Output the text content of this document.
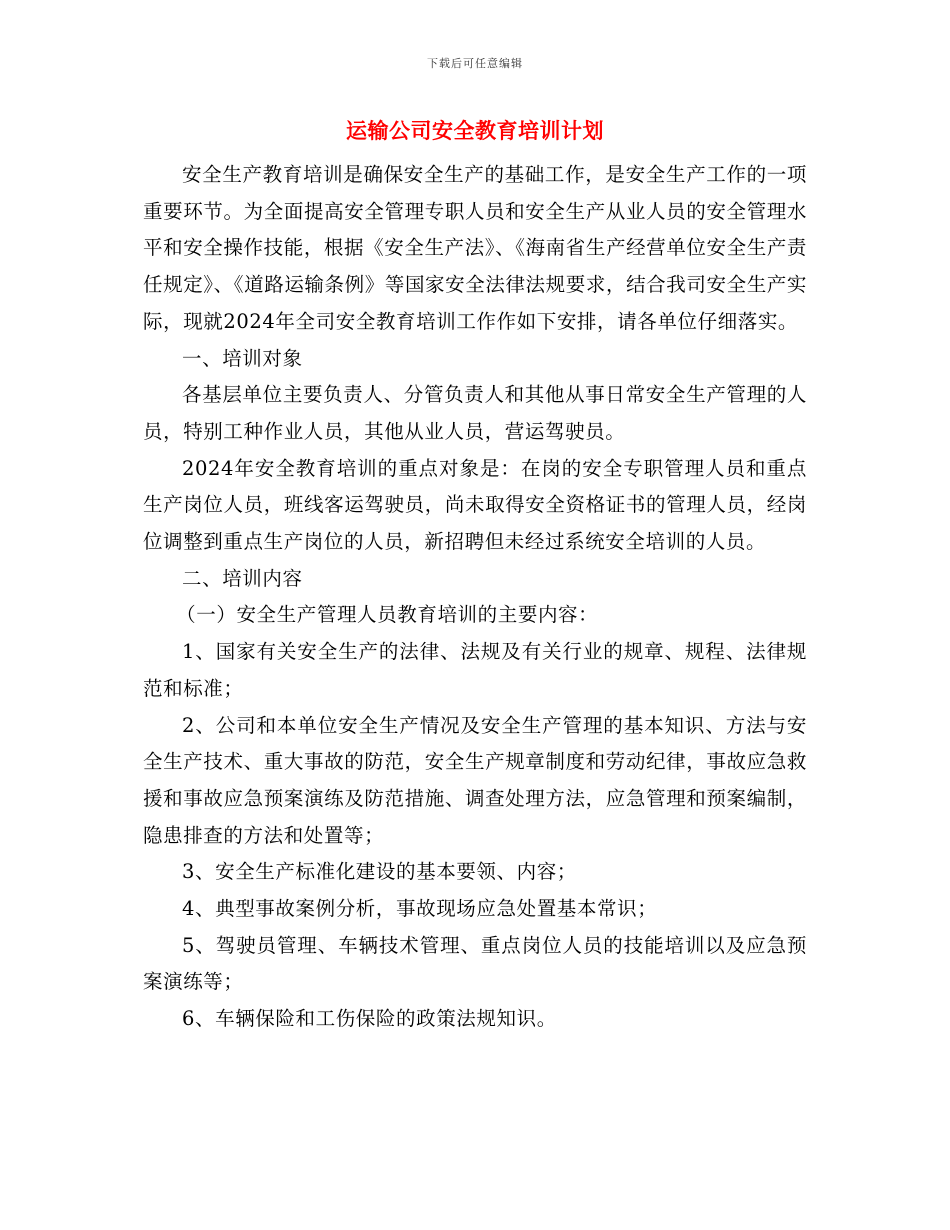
下载后可任意编辑
运输公司安全教育培训计划

安全生产教育培训是确保安全生产的基础工作，是安全生产工作的一项重要环节。为全面提高安全管理专职人员和安全生产从业人员的安全管理水平和安全操作技能，根据《安全生产法》、《海南省生产经营单位安全生产责任规定》、《道路运输条例》等国家安全法律法规要求，结合我司安全生产实际，现就2024年全司安全教育培训工作作如下安排，请各单位仔细落实。

一、培训对象

各基层单位主要负责人、分管负责人和其他从事日常安全生产管理的人员，特别工种作业人员，其他从业人员，营运驾驶员。

2024年安全教育培训的重点对象是：在岗的安全专职管理人员和重点生产岗位人员，班线客运驾驶员，尚未取得安全资格证书的管理人员，经岗位调整到重点生产岗位的人员，新招聘但未经过系统安全培训的人员。

二、培训内容

（一）安全生产管理人员教育培训的主要内容：

1、国家有关安全生产的法律、法规及有关行业的规章、规程、法律规范和标准；

2、公司和本单位安全生产情况及安全生产管理的基本知识、方法与安全生产技术、重大事故的防范，安全生产规章制度和劳动纪律，事故应急救援和事故应急预案演练及防范措施、调查处理方法，应急管理和预案编制，隐患排查的方法和处置等；

3、安全生产标准化建设的基本要领、内容；

4、典型事故案例分析，事故现场应急处置基本常识；

5、驾驶员管理、车辆技术管理、重点岗位人员的技能培训以及应急预案演练等；

6、车辆保险和工伤保险的政策法规知识。
